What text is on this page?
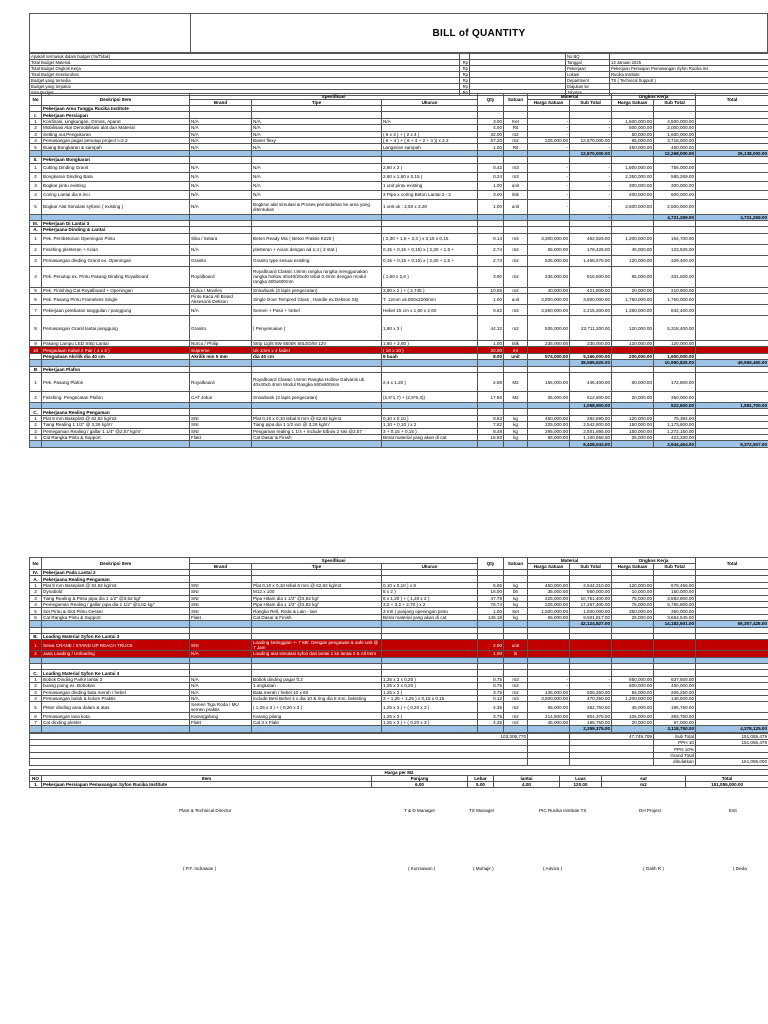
BILL of QUANTITY
Apakah termasuk dalam budget (Ya/Tidak)			No BQ	
Total Budget Material	Rp		Tanggal	13 Januari 2025
Total Budget Ongkos Kerja	Rp		Pekerjaan	Pekerjaan Persiapan Pemasangan Syfon Rucika Ins
Total Budget Keseluruhan	Rp		Lokasi	Rucika Institute
Budget yang tersedia	Rp		Department	TS ( Technical Support )
Budget yang terpakai	Rp		Diajukan ke	
Sisa Budget	Rp		Jabatan	
No	Deskripsi Item	Spesifikasi			Qty	Satuan	Material		Ongkos Kerja		Total
		Brand	Tipe	Ukuran			Harga Satuan	Sub Total	Harga Satuan	Sub Total	
	Pekerjaan Area Tangga Rucika Institute										
I.	Pekerjaan Persiapan										
1	Kordinasi, Lingkungan, Ormas, Aparat	N/A	N/A	N/A	3.00	Ket	-	-	1,500,000.00	4,500,000.00	
2	Mobilisasi Alat Demobilisasi alat dan Material	N/A	N/A		4.00	Rit	-	-	500,000.00	2,000,000.00	
3	Setting out,Pengukuran	N/A	N/A	( 6 x 4 ) + ( 2 x 4 )	32.00	m2	-	-	50,000.00	1,600,000.00	
4	Pemasangan pagar penutup project t=2.2	N/A	Baner flexy	( 6 + 4 ) + ( 6 + 4 + 2 + 4 )) x 2.2	57.20	m2	225,000.00	12,870,000.00	65,000.00	3,718,000.00	
5	Buang Bongkaran & sampah	N/A	N/A	Langsiran sampah	1.00	Rit	-	-	450,000.00	450,000.00	
								12,870,000.00		12,268,000.00	25,138,000.00
II.	Pekerjaan Bongkaran										
1	Cutting Dinding Granit	N/A	N/A	2,60 x 2 )	0.42	m3	-	-	1,800,000.00	756,000.00	
2	Bongkaran Dinding Bata	N/A	N/A	2,60 x 1,60 x 0,15 )	0.24	m3	-	-	2,350,000.00	565,269.00	
3	Bogkar pintu existing	N/A	N/A	1 unit pintu existing	1.00	unit	-	-	300,000.00	300,000.00	
4	Coring Lantai dia 6 inci	N/A	N/A	3 Pipa x coring Beton Lantai 3 - 2	3.00	titik	-	-	200,000.00	600,000.00	
5	Bogkar Alat Simulasi syfonic ( existing )	N/A	Bogkrar alat simulasi & Proses pemindahan ke area yang ditentukan	1 unit uk : 2,50 x 3,20	1.00	unit	-	-	2,500,000.00	2,500,000.00	
								-		4,721,269.00	4,721,269.00
III.	Pekerjaan Di Lantai 3										
A.	Pekerjaana Dinding & Lantai										
1	Pek. Pembetonan Openingan Pintu	Sika / Setara	Beton Ready Mix ( Beton Praktis K225 )	( 2,30 + 1,5 + 2,3 ) x 0,15 x 0,15	0.14	m3	3,300,000.00	452,925.00	1,200,000.00	164,700.00	
2	Finishing plesteran + Acian	N/A	plesteran + Acian dengan ad 1:4 ( 2 stat )	0,15 + 0,15 + 0,15) x ( 2,30 + 1,5 +	2.74	m2	65,000.00	178,425.00	45,000.00	123,525.00	
3	Pemasangan dinding Granit ex. Openingan	Granito	Granito type sesuai existing	0,15 + 0,15 + 0,15) x ( 2,30 + 1,5 +	2.74	m2	535,000.00	1,468,575.00	120,000.00	329,400.00	
4	Pek. Penutup ex. Pintu Pasang Dinding Royalboard	Royalboard	Royalboard Classic t.8mm rangka rangka menggunakan rangka hollow 40x40/20x40 tebal 0.4mm dengan modul rangka 600x600mm	( 1,50 x 2,6 )	3.90	m2	235,000.00	916,500.00	85,000.00	331,500.00	
5	Pek. Finishing Cat Royalboard + Openingan	Dulux / Movilex	Snowbank (3 lapis pengecatan)	3,90 x 2 ) + ( 2,745 )	10.55	m2	40,000.00	421,800.00	20,000.00	210,900.00	
6	Pek. Pasang Pintu Frameless Single	Pintu Kaca All Brand Aksesoris Dekson	Single Door Tempred Glass , Handle ex.Dekson SQ	T. 12mm uk.800x2200mm	1.00	unit	3,800,000.00	3,800,000.00	1,750,000.00	1,750,000.00	
7	Pekerjaan pelebaran tanggulan / panggung	N/A	Semen + Pasir + hebel	Hebel 15 cm x 1,60 x 2,60	0.62	m3	3,550,000.00	2,215,200.00	1,350,000.00	842,400.00	
8	Pemasangan Granit lantai panggung	Granito	( Penyesuaian )	1,80 x 3 )	44.32	m2	535,000.00	23,711,200.00	120,000.00	5,318,400.00	
9	Pasang Lampu LED Strip Lantai	Nurco / Philip	Strip Light 6W 6500K 60LED/M 12V	1,60 + 2,60 )	1.00	titik	235,000.00	235,000.00	120,000.00	120,000.00	
10	Pengadaan Kabel 2 Pair ( 4 x 3 )	Supreme	Uk 1mm x 4 kabel	( 10 x 10 )	20.00	mr					
	Pengadaan Akrilik dia 40 cm	Akrilik min 5 mm	dia 40 cm	8 buah	8.00	unit	574,000.00	5,166,000.00	200,000.00	1,600,000.00	
								38,565,625.00		10,990,825.00	49,556,450.00
B	Pekerjaan Plafon										
1	Pek. Pasang Plafon	Royalboard	Royalboard Classic t.6mm Rangka Hollow Galvanis uk. 40x40x0.4mm Modul Rangka 600x600mm	2,4 x 1,20 )	2.88	M2	155,000.00	446,400.00	60,000.00	172,800.00	
2	Finishing. Pengecatan Plafon	CAT Jotun	Snowbank (3 lapis pengecatan)	(2,5*1,7) + (2,5*5,3))	17.50	M2	35,000.00	612,500.00	20,000.00	350,000.00	
								1,058,900.00		522,800.00	1,581,700.00
C.	Pekerjaana Realing Pengaman										
1	Plat 8 mm Baseplatt @ 62,82 kg/m2	SNI	Plat 0,10 x 0,10 tebal 8 mm @ 62,82 kg/m2	0,10 x 0,10 )	0.63	kg	450,000.00	282,690.00	120,000.00	75,384.00	
2	Tiang Realing 1 1/2" @ 3,26 kg/m'	SNI	Tiang pipa dia 1 1/2 inci @ 3,26 kg/m'	1,10 + 0,10 ) x 2	7.82	kg	325,000.00	2,542,800.00	150,000.00	1,173,600.00	
3	Pemegaman Realing / gallar 1 1/4" @2,57 kg/m'	SNI	Pengaman realing 1 1/4 + include Elbow 2 sisi @2,57	3 + 0,15 + 0,15 )	8.48	kg	295,000.00	2,501,895.00	150,000.00	1,272,150.00	
4	Cat Rangka Pintu & Support	Flakt	Cat Dasar & Finish	Berat material yang akan di cat	16.93	kg	65,000.00	1,100,658.00	25,000.00	423,330.00	
								6,428,043.00		2,944,464.00	9,372,507.00
No	Deskripsi Item	Spesifikasi			Qty	Satuan	Material		Ongkos Kerja		Total
		Brand	Tipe	Ukuran			Harga Satuan	Sub Total	Harga Satuan	Sub Total	
IV.	Pekerjaan Pada Lantai 2										
A.	Pekerjaana Realing Pengaman										
1	Plat 8 mm Baseplatt @ 62,82 kg/m2	SNI	Plat 0,10 x 0,10 tebal 8 mm @ 62,82 kg/m2	0,10 x 0,10 ) x 8	5.65	kg	450,000.00	2,544,210.00	120,000.00	678,456.00	
2	Dynabold	SNI	M12 x 100	8 x 2 )	16.00	bh	35,000.00	560,000.00	10,000.00	160,000.00	
3	Tiang Realing & Pintu pipa dia 1 1/2" @3,62 kg/'	SNI	Pipa Hitam dia 1 1/2" @3,62 kg/'	8 x 1,20 ) + ( 1,20 x 2 )	47.78	kg	225,000.00	10,751,400.00	75,000.00	3,583,800.00	
4	Pemegaman Realing / gallar pipa dia 1 1/2" @3,62 kg/'	SNI	Pipa Hitam dia 1 1/2" @3,62 kg/'	3,2 + 3,2 + 2,70 ) x 2	76.74	kg	225,000.00	17,267,400.00	75,000.00	5,755,800.00	
5	Set Pintu & Slot Pintu Gesser	SNI	Rangka Rell, Roda & Lain - lain	3 mtr ( panjang openingan pintu	1.00	Set	1,500,000.00	1,500,000.00	350,000.00	350,000.00	
6	Cat Rangka Pintu & Support	Flakt	Cat Dasar & Finish	Berat material yang akan di cat	146.18	kg	65,000.00	9,501,817.00	25,000.00	3,654,545.00	
								42,124,827.00		14,182,601.00	56,307,428.00

B.	Loading Material Syfon Ke Lantai 3										
1	Sewa CRANE / STAND UP REACH TRUCK	SNI	Loading ketinggian +- 7 Mtr. Dengan pengawas & safe unit @ 7 Jam		2.00	unit					
2	Jasa Loading / Unloading	N/A	Loading alat simulasi syfon dari lantai 1 ke lantai 2 & All Item		1.00	ls					

C.	Loading Material Syfon Ke Lantai 3										
1	Bobok Dinding Parkir lantai 2	N/A	Bobok dinding pagar ft.2	1,25 x 3 x 0,20 )	0.75	m3	-	-	850,000.00	637,500.00	
2	buang puing ex. Bobokan	N/A	1 angkutan	1,25 x 3 x 0,20 )	0.75	m3	-	-	600,000.00	450,000.00	
3	Pemasangan dinding bata merah / hebel	N/A	Bata merah / hebel 10 x 60	1,25 x 3 )	3.75	m2	135,000.00	506,250.00	55,000.00	206,250.00	
4	Pemasangan balok & kolom Praktis	N/A	include Besi Behel 4 x dia 10 & ring dia 8 mm, bekisting	3 + 1,25 + 1,25 ) x 0,15 x 0,15	0.12	m3	3,800,000.00	470,250.00	1,200,000.00	148,500.00	
5	Plster dinding area dalam & atas	Semen Tiga Roda / MU semen praktis	( 1,25 x 3 ) + ( 0,20 x 3 )	1,25 x 3 ) + ( 0,20 x 3 )	4.35	m2	65,000.00	282,750.00	45,000.00	195,750.00	
6	Pemasangan lava kota	Karangpilang	Karang pilang	1,25 x 3 )	3.75	m2	214,500.00	804,375.00	105,000.00	393,750.00	
7	Cat dinding plester	Flakt	Cat 3 x Flakt	1,25 x 3 ) + ( 0,20 x 3 )	4.35	m2	45,000.00	195,750.00	20,000.00	87,000.00	
								2,259,375.00		2,118,750.00	4,378,125.00
103,306,770		47,749,709	Sub Total	151,055,479
			PPH 10	151,055,479
			PPN 10%	
			Grand Total	
			dibulatkan	151,055,000
Harga per M2							
NO	Item	Panjang	Lebar	lantai	Luas	sat	Total
1	Pekerjaan Persiapan Pemasangan Syfon Rucika Institute	6.00	5.00	4.00	120.00	m2	151,055,000.00
Plant & Technical Director
( P.F. Indrawan )
T & D Manager
( Kurniawan )
TS Manager
( Muhajir )
PIC Rucika Institute TS
( Adviza )
DH Project
( Galih R )
Esti
( Deda
